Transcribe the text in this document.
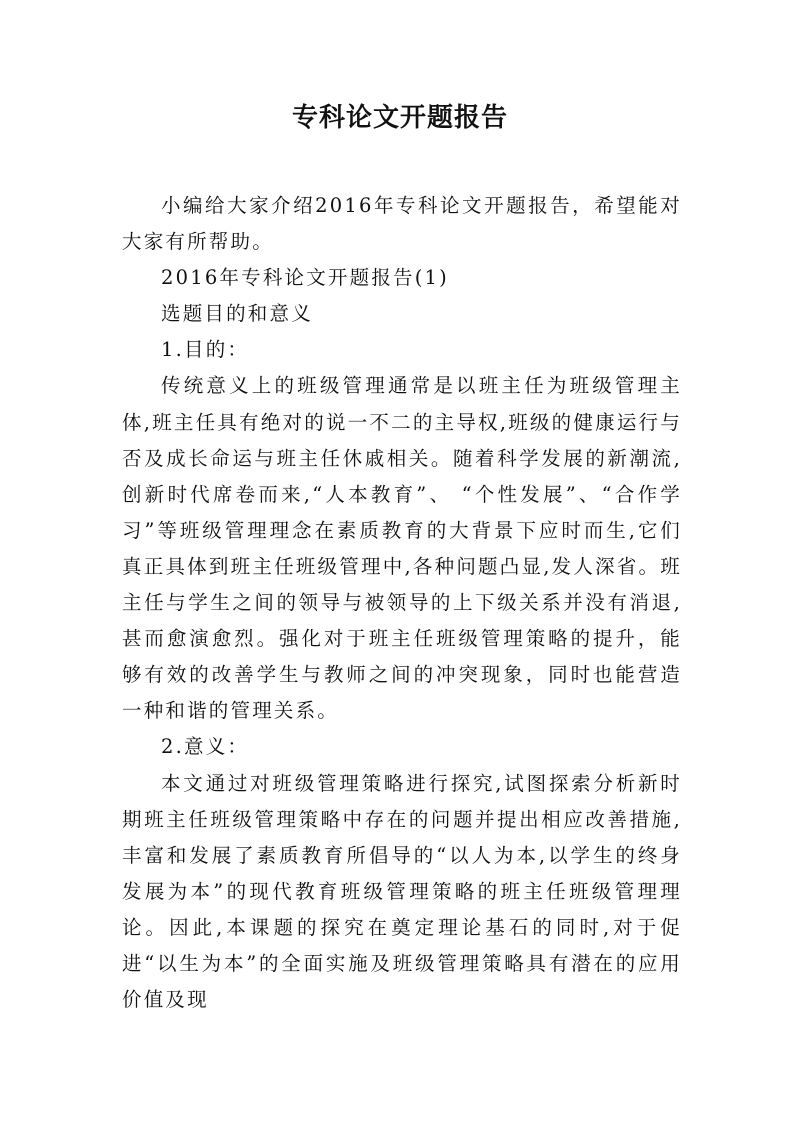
专科论文开题报告

小编给大家介绍2016年专科论文开题报告，希望能对大家有所帮助。

2016年专科论文开题报告(1)

选题目的和意义

1.目的：

传统意义上的班级管理通常是以班主任为班级管理主体,班主任具有绝对的说一不二的主导权,班级的健康运行与否及成长命运与班主任休戚相关。随着科学发展的新潮流,创新时代席卷而来,“人本教育”、 “个性发展”、“合作学习”等班级管理理念在素质教育的大背景下应时而生,它们真正具体到班主任班级管理中,各种问题凸显,发人深省。班主任与学生之间的领导与被领导的上下级关系并没有消退,甚而愈演愈烈。强化对于班主任班级管理策略的提升，能够有效的改善学生与教师之间的冲突现象，同时也能营造一种和谐的管理关系。

2.意义：

本文通过对班级管理策略进行探究,试图探索分析新时期班主任班级管理策略中存在的问题并提出相应改善措施,丰富和发展了素质教育所倡导的“以人为本,以学生的终身发展为本”的现代教育班级管理策略的班主任班级管理理论。因此,本课题的探究在奠定理论基石的同时,对于促进“以生为本”的全面实施及班级管理策略具有潜在的应用价值及现
